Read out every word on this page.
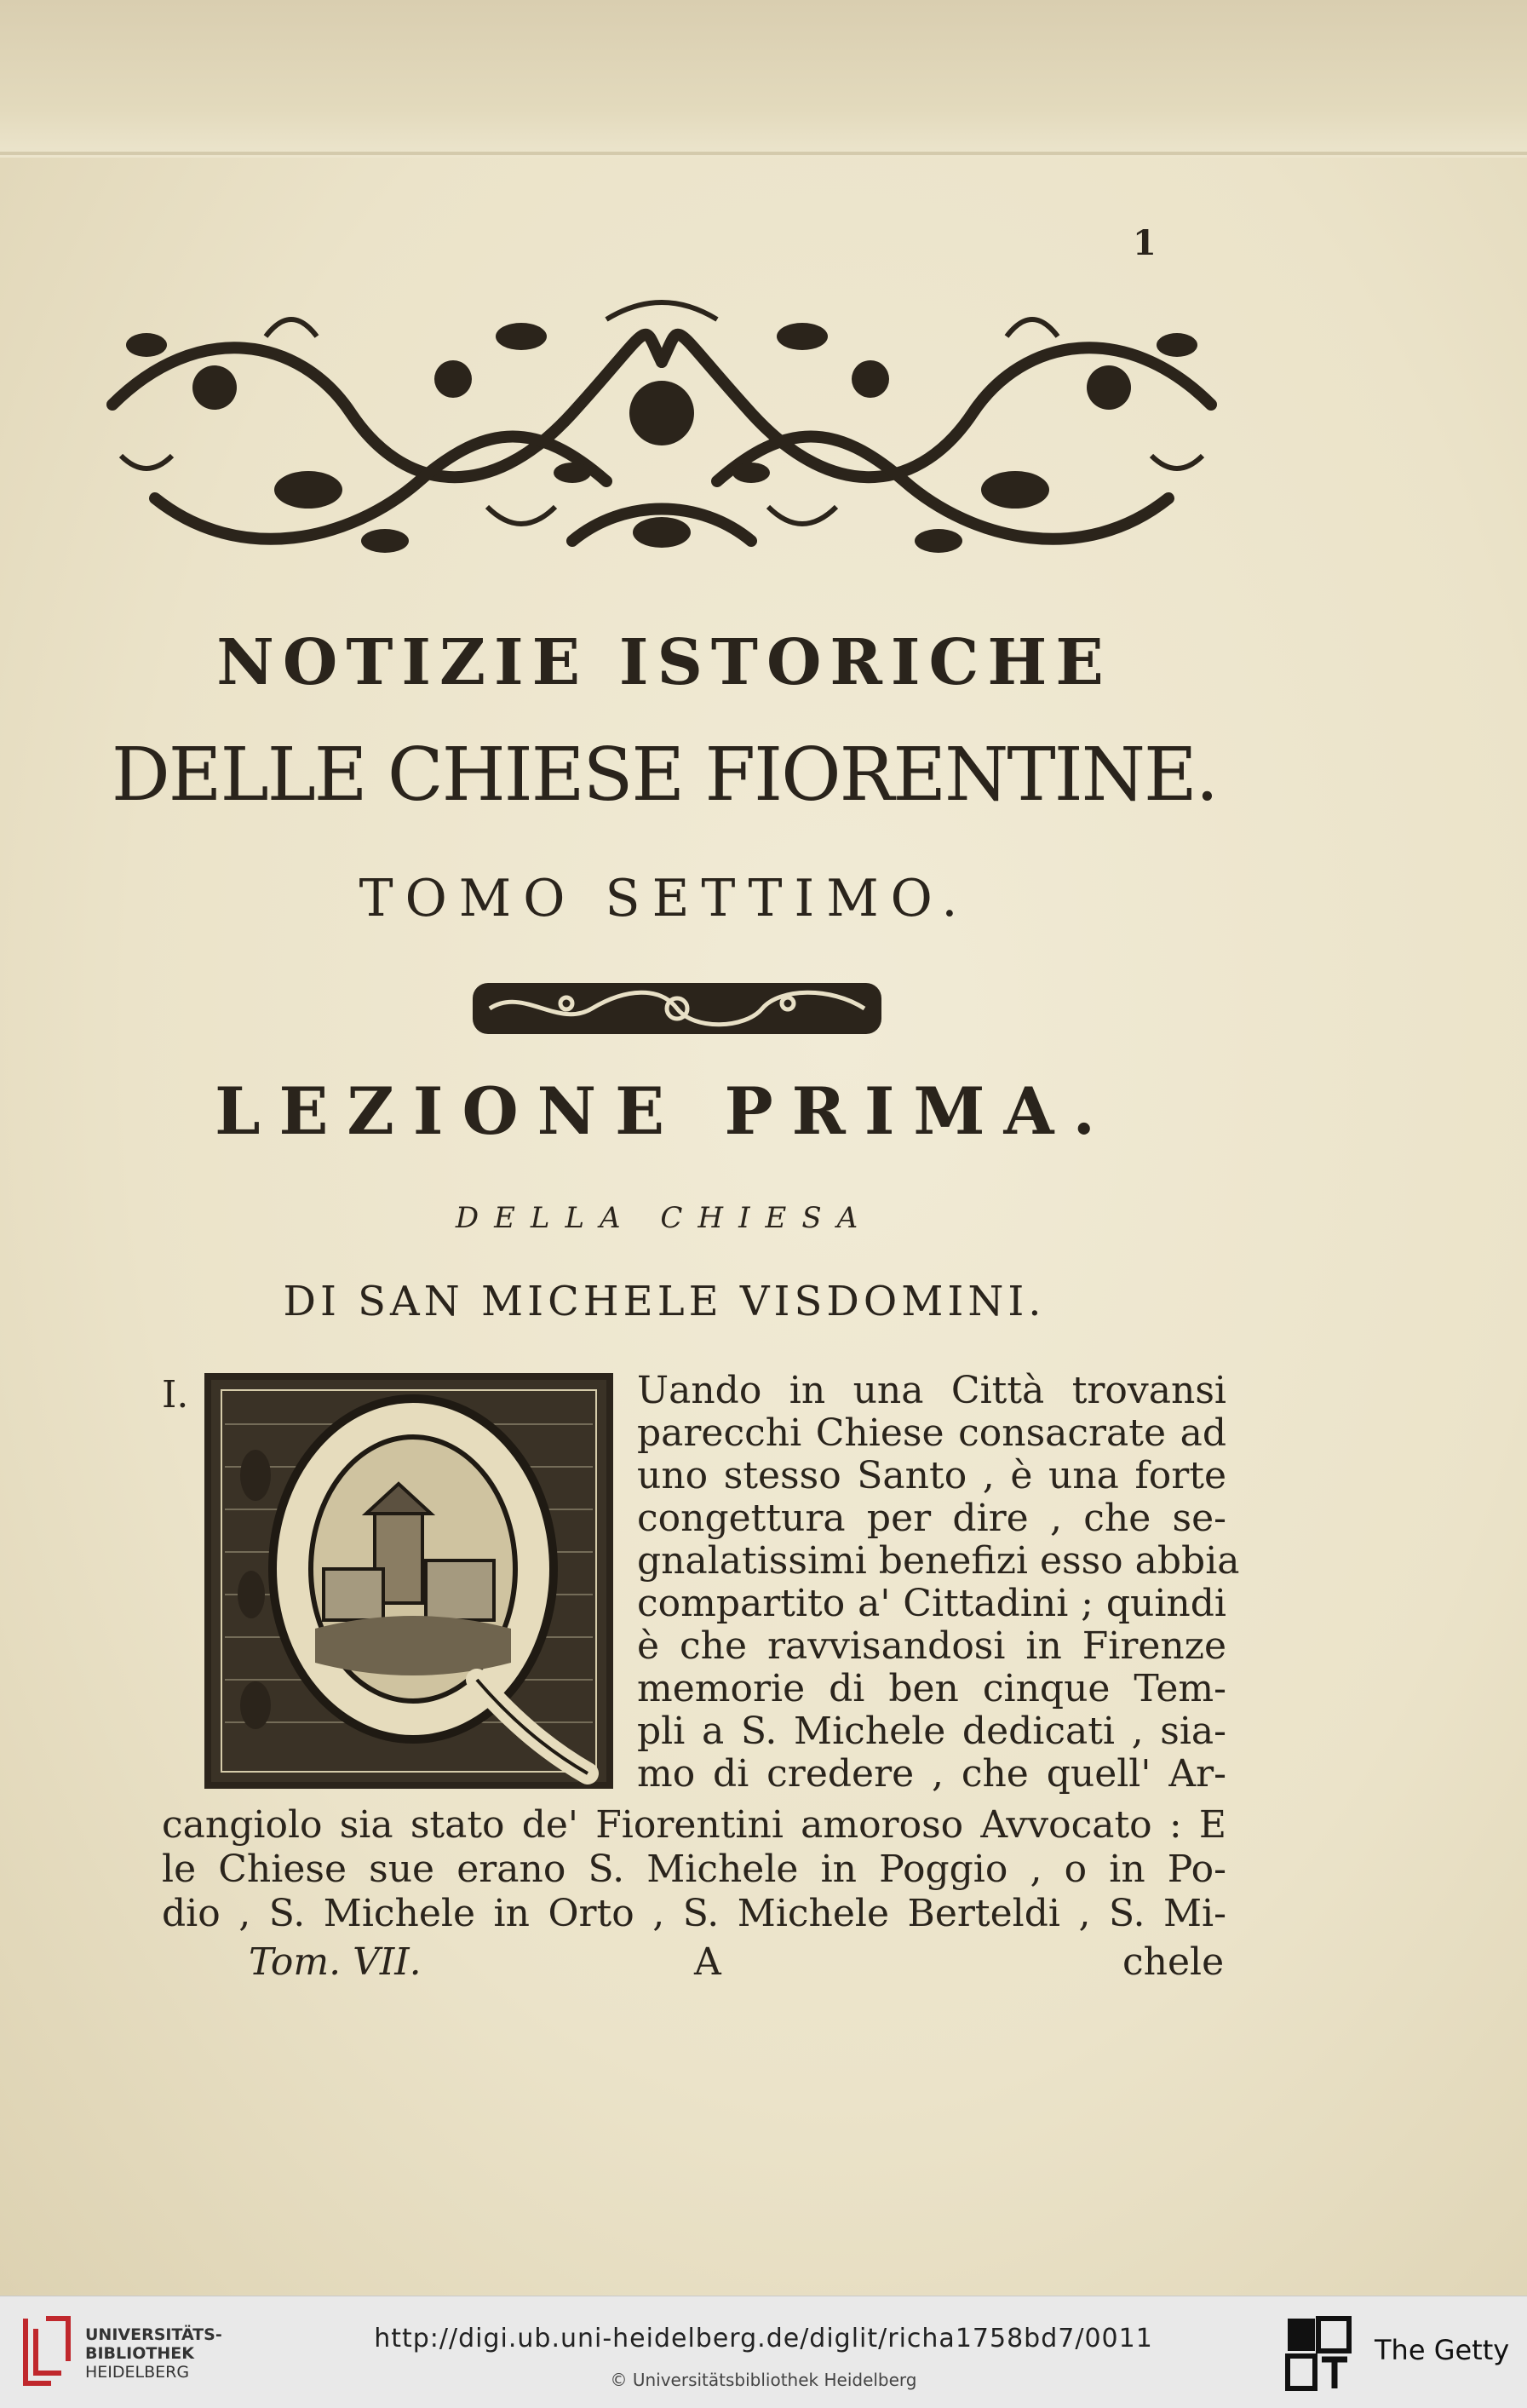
1
NOTIZIE ISTORICHE
DELLE CHIESE FIORENTINE.
TOMO SETTIMO.
LEZIONE PRIMA.
DELLA CHIESA
DI SAN MICHELE VISDOMINI.
I.	Uando in una Città trovansi
parecchi Chiese consacrate ad
uno stesso Santo , è una forte
congettura per dire , che se-
gnalatissimi benefizi esso abbia
compartito a' Cittadini ; quindi
è che ravvisandosi in Firenze
memorie di ben cinque Tem-
pli a S. Michele dedicati , sia-
mo di credere , che quell' Ar-
cangiolo sia stato de' Fiorentini amoroso Avvocato : E
le Chiese sue erano S. Michele in Poggio , o in Po-
dio , S. Michele in Orto , S. Michele Berteldi , S. Mi-
Tom. VII.	A	chele
UNIVERSITÄTS-
BIBLIOTHEK
HEIDELBERG
http://digi.ub.uni-heidelberg.de/diglit/richa1758bd7/0011
© Universitätsbibliothek Heidelberg
The Getty
